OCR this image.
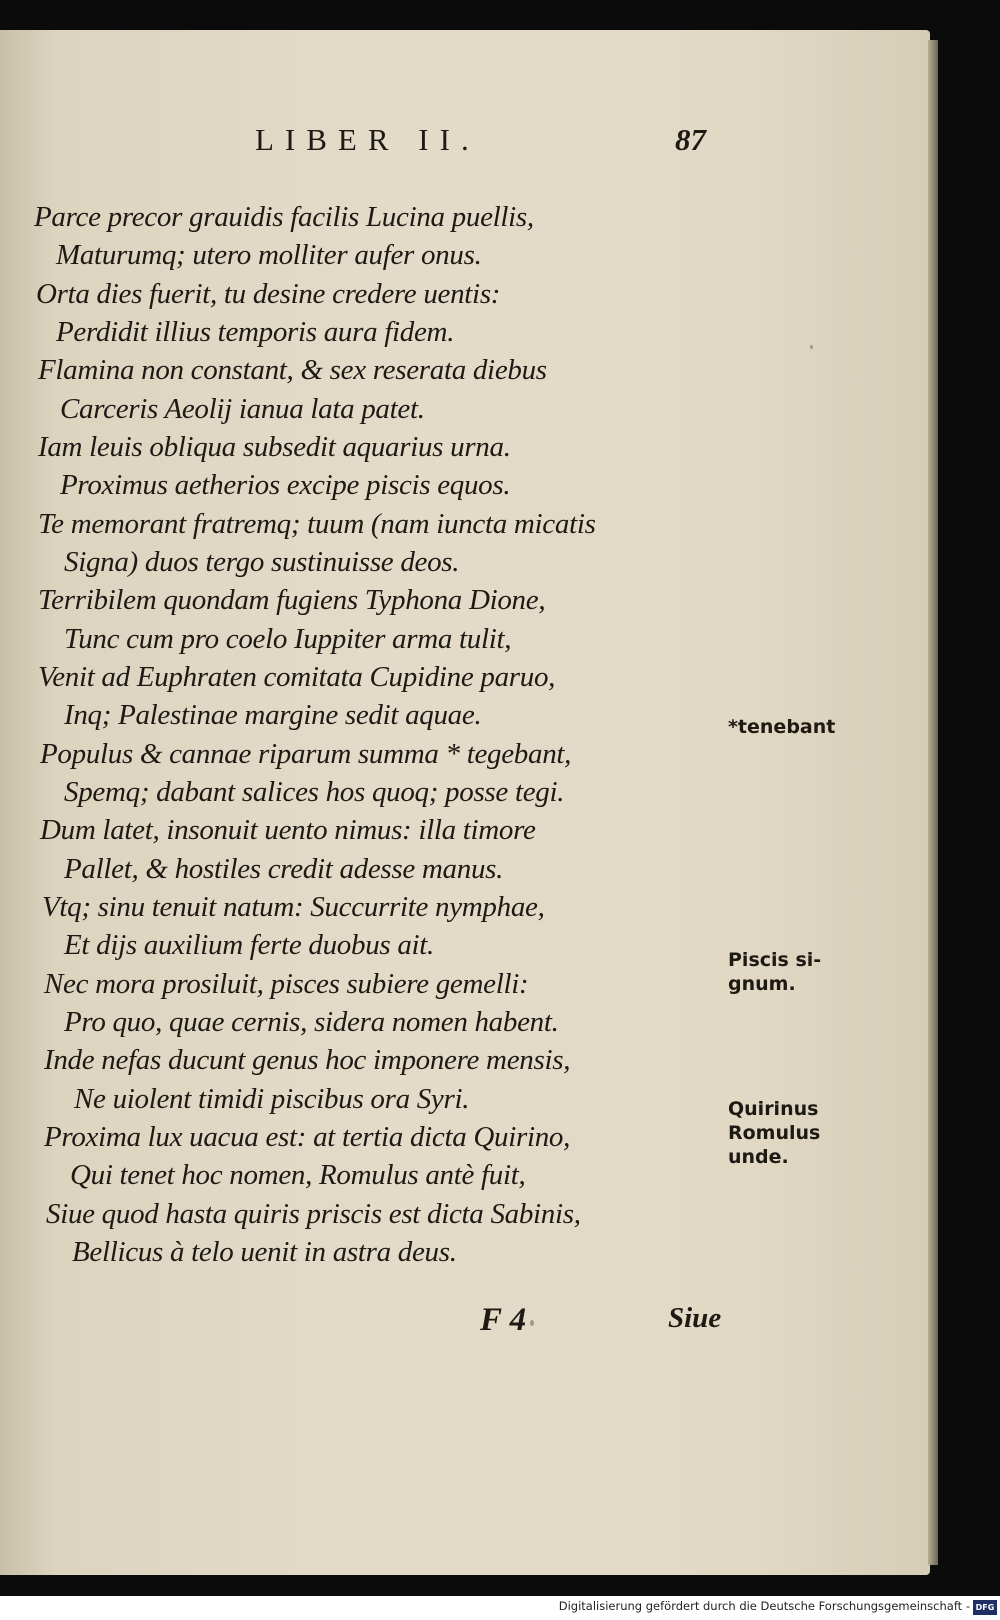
LIBER II.	87
Parce precor grauidis facilis Lucina puellis,
Maturumq; utero molliter aufer onus.
Orta dies fuerit, tu desine credere uentis:
Perdidit illius temporis aura fidem.
Flamina non constant, & sex reserata diebus
Carceris Aeolij ianua lata patet.
Iam leuis obliqua subsedit aquarius urna.
Proximus aetherios excipe piscis equos.
Te memorant fratremq; tuum (nam iuncta micatis
Signa) duos tergo sustinuisse deos.
Terribilem quondam fugiens Typhona Dione,
Tunc cum pro coelo Iuppiter arma tulit,
Venit ad Euphraten comitata Cupidine paruo,
Inq; Palestinae margine sedit aquae.
Populus & cannae riparum summa * tegebant,
Spemq; dabant salices hos quoq; posse tegi.
Dum latet, insonuit uento nimus: illa timore
Pallet, & hostiles credit adesse manus.
Vtq; sinu tenuit natum: Succurrite nymphae,
Et dijs auxilium ferte duobus ait.
Nec mora prosiluit, pisces subiere gemelli:
Pro quo, quae cernis, sidera nomen habent.
Inde nefas ducunt genus hoc imponere mensis,
Ne uiolent timidi piscibus ora Syri.
Proxima lux uacua est: at tertia dicta Quirino,
Qui tenet hoc nomen, Romulus antè fuit,
Siue quod hasta quiris priscis est dicta Sabinis,
Bellicus à telo uenit in astra deus.
*tenebant
Piscis si-
gnum.
Quirinus
Romulus
unde.
F 4	Siue
Digitalisierung gefördert durch die Deutsche Forschungsgemeinschaft - DFG
